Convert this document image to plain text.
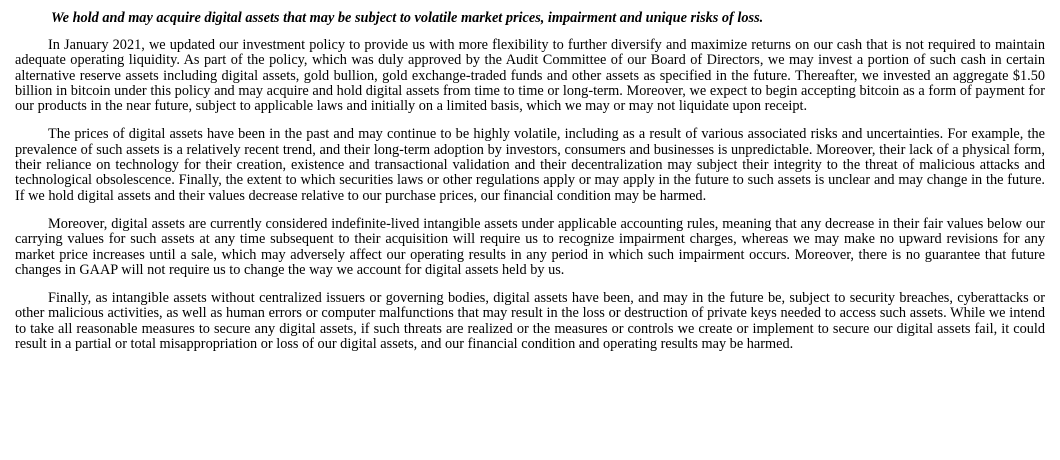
We hold and may acquire digital assets that may be subject to volatile market prices, impairment and unique risks of loss.

In January 2021, we updated our investment policy to provide us with more flexibility to further diversify and maximize returns on our cash that is not required to maintain adequate operating liquidity. As part of the policy, which was duly approved by the Audit Committee of our Board of Directors, we may invest a portion of such cash in certain alternative reserve assets including digital assets, gold bullion, gold exchange-traded funds and other assets as specified in the future. Thereafter, we invested an aggregate $1.50 billion in bitcoin under this policy and may acquire and hold digital assets from time to time or long-term. Moreover, we expect to begin accepting bitcoin as a form of payment for our products in the near future, subject to applicable laws and initially on a limited basis, which we may or may not liquidate upon receipt.

The prices of digital assets have been in the past and may continue to be highly volatile, including as a result of various associated risks and uncertainties. For example, the prevalence of such assets is a relatively recent trend, and their long-term adoption by investors, consumers and businesses is unpredictable. Moreover, their lack of a physical form, their reliance on technology for their creation, existence and transactional validation and their decentralization may subject their integrity to the threat of malicious attacks and technological obsolescence. Finally, the extent to which securities laws or other regulations apply or may apply in the future to such assets is unclear and may change in the future. If we hold digital assets and their values decrease relative to our purchase prices, our financial condition may be harmed.

Moreover, digital assets are currently considered indefinite-lived intangible assets under applicable accounting rules, meaning that any decrease in their fair values below our carrying values for such assets at any time subsequent to their acquisition will require us to recognize impairment charges, whereas we may make no upward revisions for any market price increases until a sale, which may adversely affect our operating results in any period in which such impairment occurs. Moreover, there is no guarantee that future changes in GAAP will not require us to change the way we account for digital assets held by us.

Finally, as intangible assets without centralized issuers or governing bodies, digital assets have been, and may in the future be, subject to security breaches, cyberattacks or other malicious activities, as well as human errors or computer malfunctions that may result in the loss or destruction of private keys needed to access such assets. While we intend to take all reasonable measures to secure any digital assets, if such threats are realized or the measures or controls we create or implement to secure our digital assets fail, it could result in a partial or total misappropriation or loss of our digital assets, and our financial condition and operating results may be harmed.
